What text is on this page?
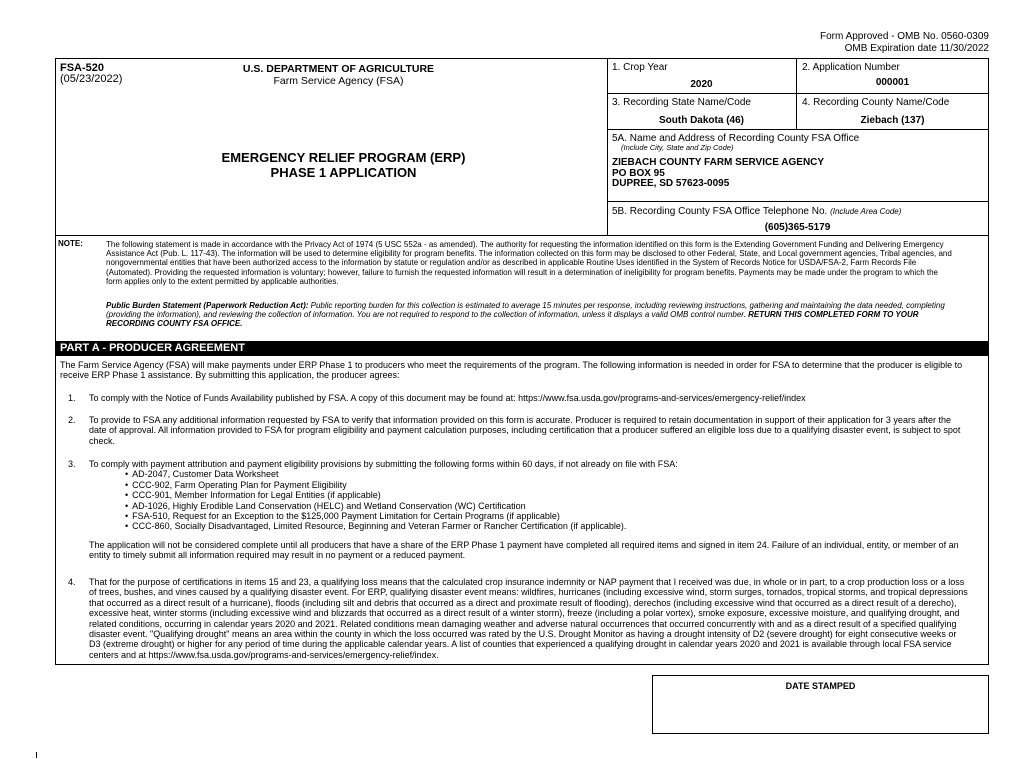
Form Approved - OMB No. 0560-0309
OMB Expiration date 11/30/2022
FSA-520
(05/23/2022)
U.S. DEPARTMENT OF AGRICULTURE
Farm Service Agency (FSA)
EMERGENCY RELIEF PROGRAM (ERP)
PHASE 1 APPLICATION
1. Crop Year
2020
2. Application Number
000001
3. Recording State Name/Code
South Dakota (46)
4. Recording County Name/Code
Ziebach (137)
5A. Name and Address of Recording County FSA Office
(Include City, State and Zip Code)
ZIEBACH COUNTY FARM SERVICE AGENCY
PO BOX 95
DUPREE, SD 57623-0095
5B. Recording County FSA Office Telephone No. (Include Area Code)
(605)365-5179
NOTE:	The following statement is made in accordance with the Privacy Act of 1974 (5 USC 552a - as amended). The authority for requesting the information identified on this form is the Extending Government Funding and Delivering Emergency Assistance Act (Pub. L. 117-43). The information will be used to determine eligibility for program benefits. The information collected on this form may be disclosed to other Federal, State, and Local government agencies, Tribal agencies, and nongovernmental entities that have been authorized access to the information by statute or regulation and/or as described in applicable Routine Uses identified in the System of Records Notice for USDA/FSA-2, Farm Records File (Automated). Providing the requested information is voluntary; however, failure to furnish the requested information will result in a determination of ineligibility for program benefits. Payments may be made under the program to which the form applies only to the extent permitted by applicable authorities.
Public Burden Statement (Paperwork Reduction Act): Public reporting burden for this collection is estimated to average 15 minutes per response, including reviewing instructions, gathering and maintaining the data needed, completing (providing the information), and reviewing the collection of information. You are not required to respond to the collection of information, unless it displays a valid OMB control number. RETURN THIS COMPLETED FORM TO YOUR RECORDING COUNTY FSA OFFICE.
PART A - PRODUCER AGREEMENT
The Farm Service Agency (FSA) will make payments under ERP Phase 1 to producers who meet the requirements of the program. The following information is needed in order for FSA to determine that the producer is eligible to receive ERP Phase 1 assistance. By submitting this application, the producer agrees:
1. To comply with the Notice of Funds Availability published by FSA. A copy of this document may be found at: https://www.fsa.usda.gov/programs-and-services/emergency-relief/index
2. To provide to FSA any additional information requested by FSA to verify that information provided on this form is accurate. Producer is required to retain documentation in support of their application for 3 years after the date of approval. All information provided to FSA for program eligibility and payment calculation purposes, including certification that a producer suffered an eligible loss due to a qualifying disaster event, is subject to spot check.
3. To comply with payment attribution and payment eligibility provisions by submitting the following forms within 60 days, if not already on file with FSA:
• AD-2047, Customer Data Worksheet
• CCC-902, Farm Operating Plan for Payment Eligibility
• CCC-901, Member Information for Legal Entities (if applicable)
• AD-1026, Highly Erodible Land Conservation (HELC) and Wetland Conservation (WC) Certification
• FSA-510, Request for an Exception to the $125,000 Payment Limitation for Certain Programs (if applicable)
• CCC-860, Socially Disadvantaged, Limited Resource, Beginning and Veteran Farmer or Rancher Certification (if applicable).
The application will not be considered complete until all producers that have a share of the ERP Phase 1 payment have completed all required items and signed in item 24. Failure of an individual, entity, or member of an entity to timely submit all information required may result in no payment or a reduced payment.
4. That for the purpose of certifications in items 15 and 23, a qualifying loss means that the calculated crop insurance indemnity or NAP payment that I received was due, in whole or in part, to a crop production loss or a loss of trees, bushes, and vines caused by a qualifying disaster event. For ERP, qualifying disaster event means: wildfires, hurricanes (including excessive wind, storm surges, tornados, tropical storms, and tropical depressions that occurred as a direct result of a hurricane), floods (including silt and debris that occurred as a direct and proximate result of flooding), derechos (including excessive wind that occurred as a direct result of a derecho), excessive heat, winter storms (including excessive wind and blizzards that occurred as a direct result of a winter storm), freeze (including a polar vortex), smoke exposure, excessive moisture, and qualifying drought, and related conditions, occurring in calendar years 2020 and 2021. Related conditions mean damaging weather and adverse natural occurrences that occurred concurrently with and as a direct result of a specified qualifying disaster event. "Qualifying drought" means an area within the county in which the loss occurred was rated by the U.S. Drought Monitor as having a drought intensity of D2 (severe drought) for eight consecutive weeks or D3 (extreme drought) or higher for any period of time during the applicable calendar years. A list of counties that experienced a qualifying drought in calendar years 2020 and 2021 is available through local FSA service centers and at https://www.fsa.usda.gov/programs-and-services/emergency-relief/index.
DATE STAMPED
